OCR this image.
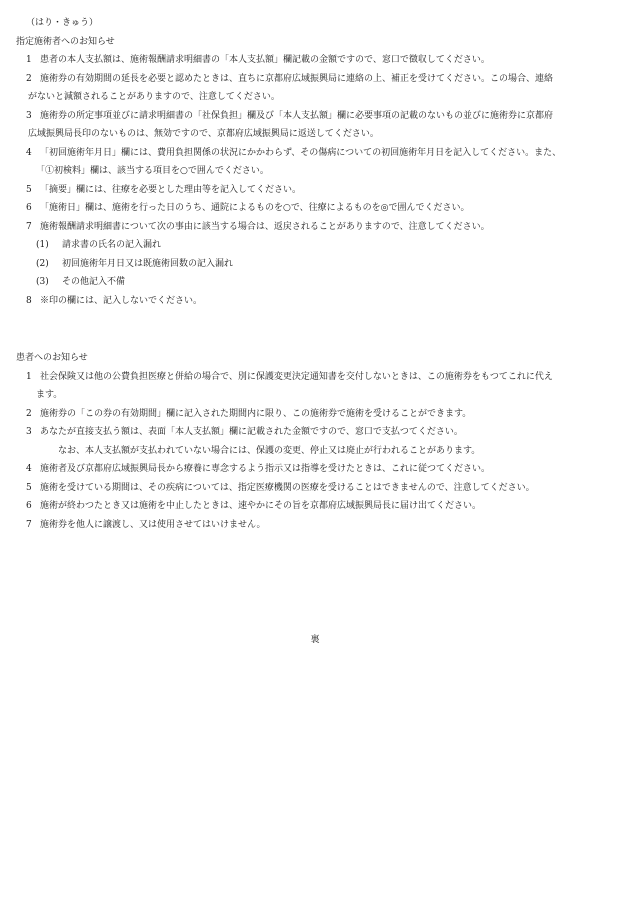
（はり・きゅう）
指定施術者へのお知らせ
1 患者の本人支払額は、施術報酬請求明細書の「本人支払額」欄記載の金額ですので、窓口で徴収してください。
2 施術券の有効期間の延長を必要と認めたときは、直ちに京都府広域振興局に連絡の上、補正を受けてください。この場合、連絡
がないと減額されることがありますので、注意してください。
3 施術券の所定事項並びに請求明細書の「社保負担」欄及び「本人支払額」欄に必要事項の記載のないもの並びに施術券に京都府
広域振興局長印のないものは、無効ですので、京都府広域振興局に返送してください。
4 「初回施術年月日」欄には、費用負担関係の状況にかかわらず、その傷病についての初回施術年月日を記入してください。また、
「①初検料」欄は、該当する項目を○で囲んでください。
5 「摘要」欄には、往療を必要とした理由等を記入してください。
6 「施術日」欄は、施術を行った日のうち、通院によるものを○で、往療によるものを◎で囲んでください。
7 施術報酬請求明細書について次の事由に該当する場合は、返戻されることがありますので、注意してください。
(1)	請求書の氏名の記入漏れ
(2)	初回施術年月日又は既施術回数の記入漏れ
(3)	その他記入不備
8 ※印の欄には、記入しないでください。
患者へのお知らせ
1 社会保険又は他の公費負担医療と併給の場合で、別に保護変更決定通知書を交付しないときは、この施術券をもつてこれに代え
ます。
2 施術券の「この券の有効期間」欄に記入された期間内に限り、この施術券で施術を受けることができます。
3 あなたが直接支払う額は、表面「本人支払額」欄に記載された金額ですので、窓口で支払つてください。
なお、本人支払額が支払われていない場合には、保護の変更、停止又は廃止が行われることがあります。
4 施術者及び京都府広域振興局長から療養に専念するよう指示又は指導を受けたときは、これに従つてください。
5 施術を受けている期間は、その疾病については、指定医療機関の医療を受けることはできませんので、注意してください。
6 施術が終わつたとき又は施術を中止したときは、速やかにその旨を京都府広域振興局長に届け出てください。
7 施術券を他人に譲渡し、又は使用させてはいけません。
裏
